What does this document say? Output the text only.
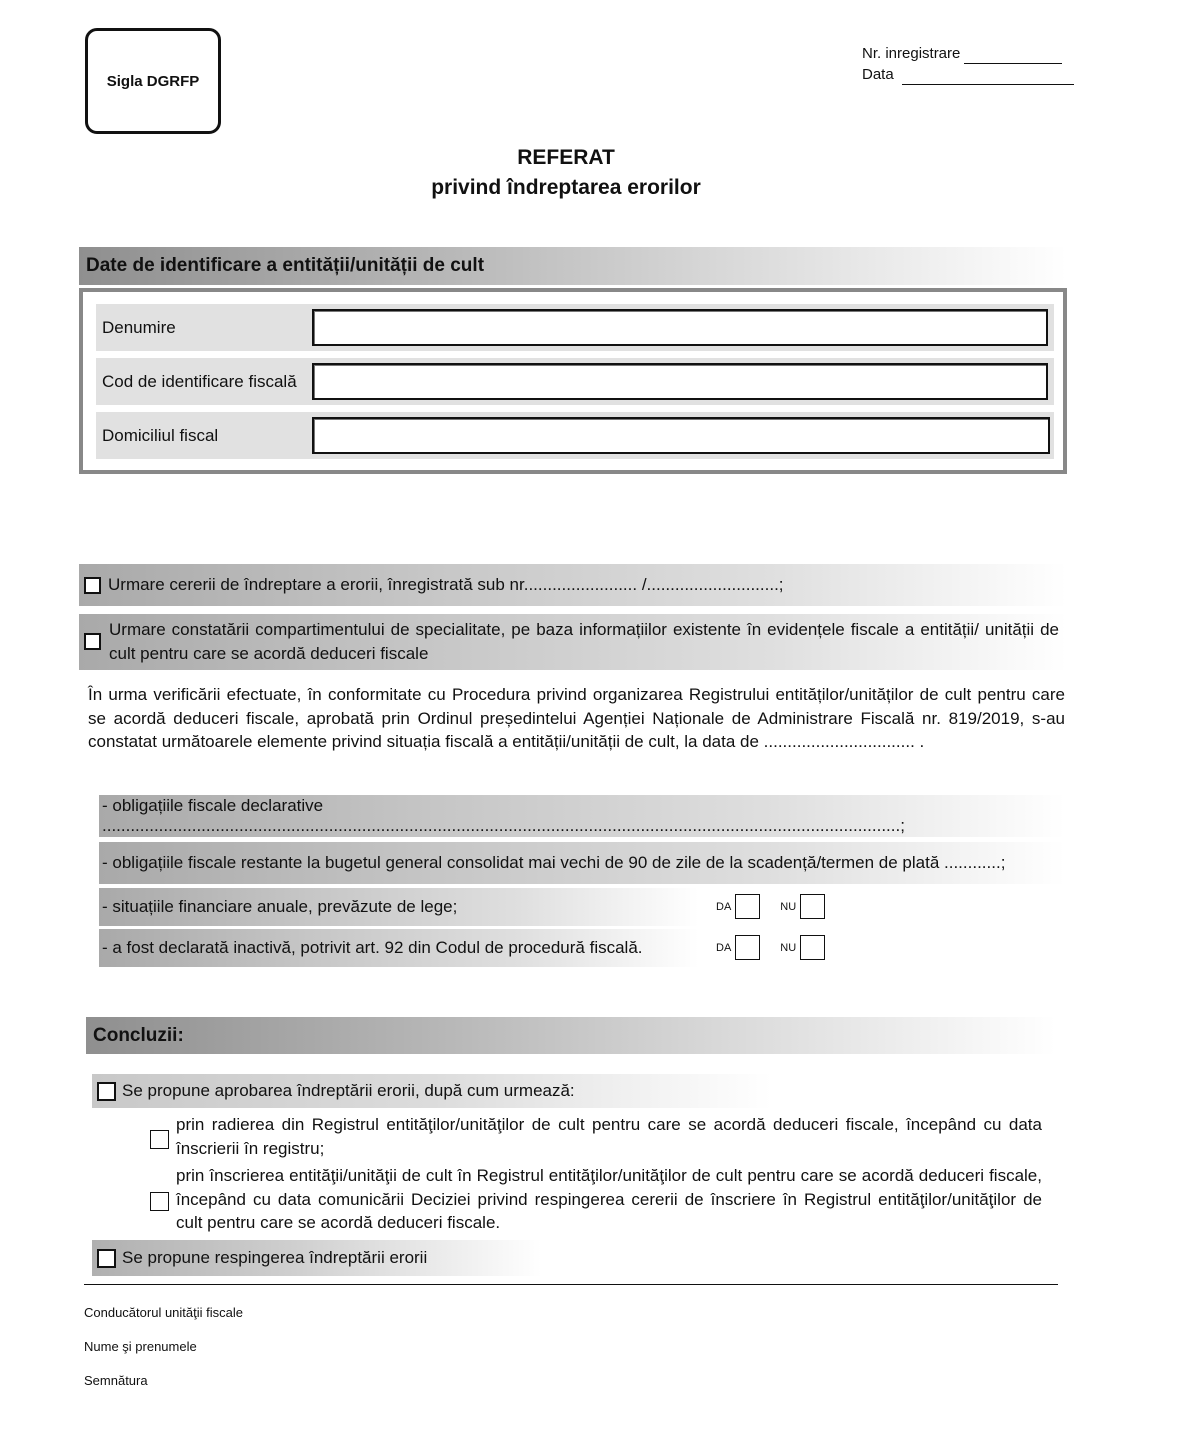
Sigla DGRFP
Nr. inregistrare
Data
REFERAT
privind îndreptarea erorilor
Date de identificare a entității/unității de cult
Denumire
Cod de identificare fiscală
Domiciliul fiscal
Urmare cererii de îndreptare a erorii, înregistrată sub nr........................ /............................;
Urmare constatării compartimentului de specialitate, pe baza informațiilor existente în evidențele fiscale a entității/ unității de cult pentru care se acordă deduceri fiscale
În urma verificării efectuate, în conformitate cu Procedura privind organizarea Registrului entităților/unităților de cult pentru care se acordă deduceri fiscale, aprobată prin Ordinul președintelui Agenției Naționale de Administrare Fiscală nr. 819/2019, s-au constatat următoarele elemente privind situația fiscală a entității/unității de cult, la data de ................................ .
- obligațiile fiscale declarative .........................................................................................................................................................................;
- obligațiile fiscale restante la bugetul general consolidat mai vechi de 90 de zile de la scadență/termen de plată ............;
- situațiile financiare anuale, prevăzute de lege;	DA	NU
- a fost declarată inactivă, potrivit art. 92 din Codul de procedură fiscală.	DA	NU
Concluzii:
Se propune aprobarea îndreptării erorii, după cum urmează:
prin radierea din Registrul entităţilor/unităţilor de cult pentru care se acordă deduceri fiscale, începând cu data înscrierii în registru;
prin înscrierea entităţii/unităţii de cult în Registrul entităţilor/unităţilor de cult pentru care se acordă deduceri fiscale, începând cu data comunicării Deciziei privind respingerea cererii de înscriere în Registrul entităţilor/unităţilor de cult pentru care se acordă deduceri fiscale.
Se propune respingerea îndreptării erorii
Conducătorul unităţii fiscale
Nume şi prenumele
Semnătura
